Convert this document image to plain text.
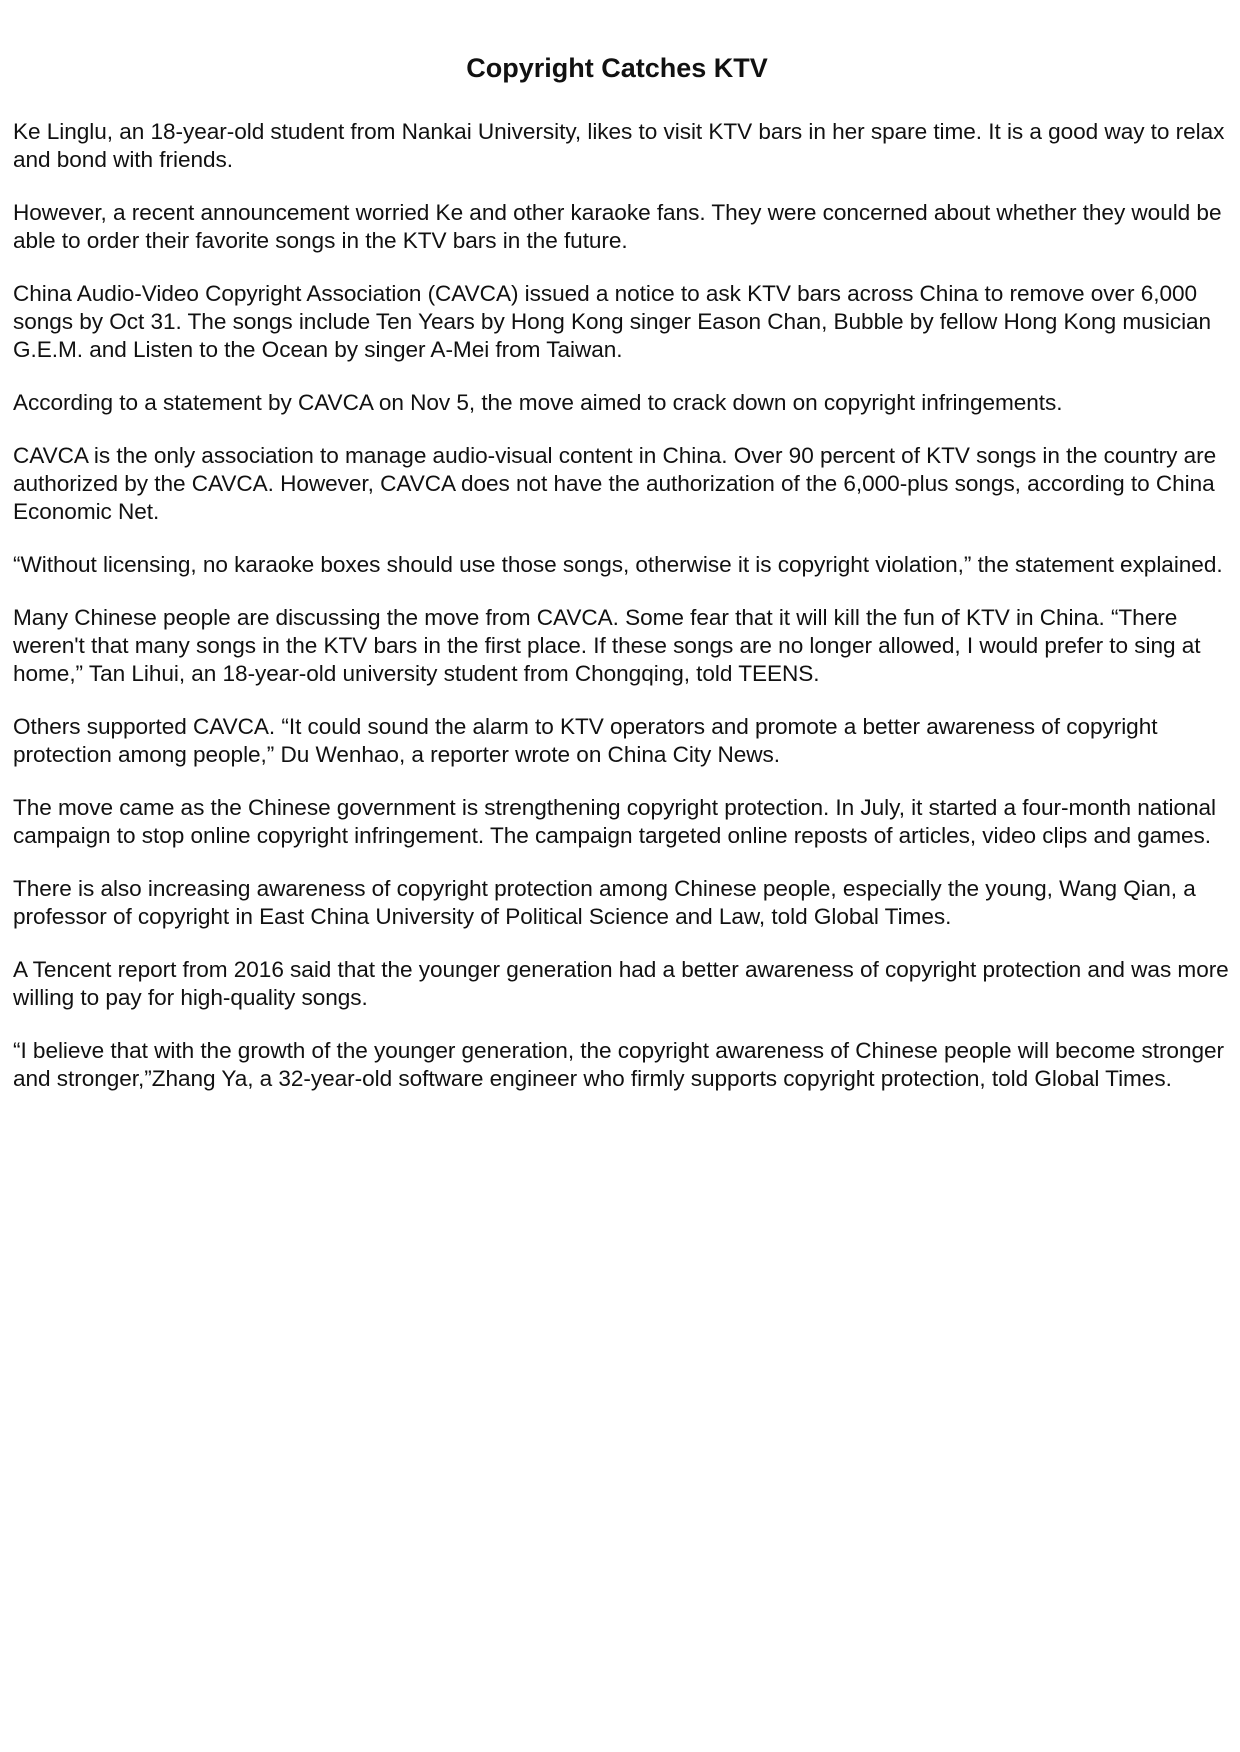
Copyright Catches KTV

Ke Linglu, an 18-year-old student from Nankai University, likes to visit KTV bars in her spare time. It is a good way to relax and bond with friends.

However, a recent announcement worried Ke and other karaoke fans. They were concerned about whether they would be able to order their favorite songs in the KTV bars in the future.

China Audio-Video Copyright Association (CAVCA) issued a notice to ask KTV bars across China to remove over 6,000 songs by Oct 31. The songs include Ten Years by Hong Kong singer Eason Chan, Bubble by fellow Hong Kong musician G.E.M. and Listen to the Ocean by singer A-Mei from Taiwan.

According to a statement by CAVCA on Nov 5, the move aimed to crack down on copyright infringements.

CAVCA is the only association to manage audio-visual content in China. Over 90 percent of KTV songs in the country are authorized by the CAVCA. However, CAVCA does not have the authorization of the 6,000-plus songs, according to China Economic Net.

“Without licensing, no karaoke boxes should use those songs, otherwise it is copyright violation,” the statement explained.

Many Chinese people are discussing the move from CAVCA. Some fear that it will kill the fun of KTV in China. “There weren't that many songs in the KTV bars in the first place. If these songs are no longer allowed, I would prefer to sing at home,” Tan Lihui, an 18-year-old university student from Chongqing, told TEENS.

Others supported CAVCA. “It could sound the alarm to KTV operators and promote a better awareness of copyright protection among people,” Du Wenhao, a reporter wrote on China City News.

The move came as the Chinese government is strengthening copyright protection. In July, it started a four-month national campaign to stop online copyright infringement. The campaign targeted online reposts of articles, video clips and games.

There is also increasing awareness of copyright protection among Chinese people, especially the young, Wang Qian, a professor of copyright in East China University of Political Science and Law, told Global Times.

A Tencent report from 2016 said that the younger generation had a better awareness of copyright protection and was more willing to pay for high-quality songs.

“I believe that with the growth of the younger generation, the copyright awareness of Chinese people will become stronger and stronger,”Zhang Ya, a 32-year-old software engineer who firmly supports copyright protection, told Global Times.
